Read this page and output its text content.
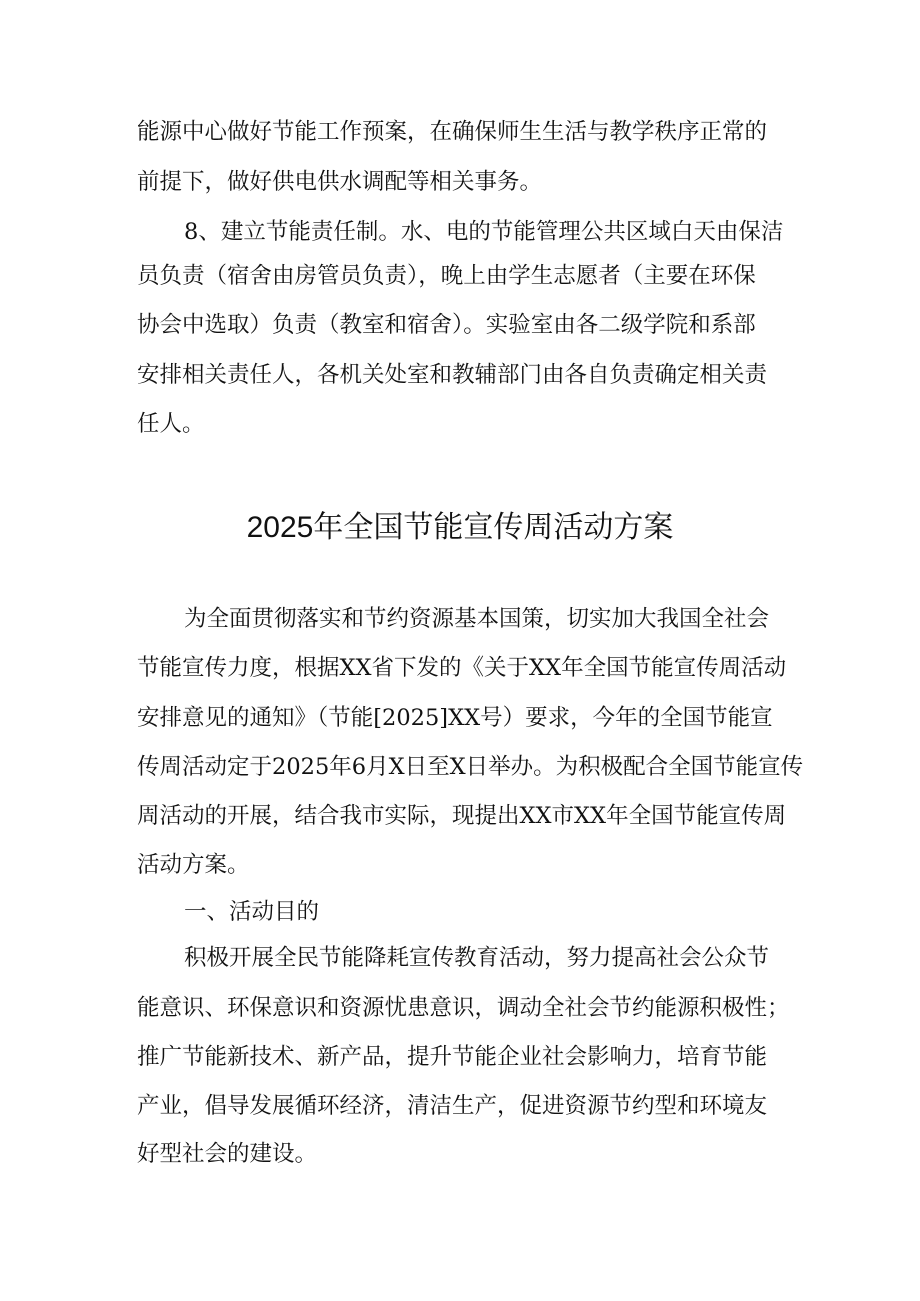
能源中心做好节能工作预案，在确保师生生活与教学秩序正常的
前提下，做好供电供水调配等相关事务。
8、建立节能责任制。水、电的节能管理公共区域白天由保洁
员负责（宿舍由房管员负责），晚上由学生志愿者（主要在环保
协会中选取）负责（教室和宿舍）。实验室由各二级学院和系部
安排相关责任人，各机关处室和教辅部门由各自负责确定相关责
任人。
2025年全国节能宣传周活动方案
为全面贯彻落实和节约资源基本国策，切实加大我国全社会
节能宣传力度，根据XX省下发的《关于XX年全国节能宣传周活动
安排意见的通知》（节能[2025]XX号）要求，今年的全国节能宣
传周活动定于2025年6月X日至X日举办。为积极配合全国节能宣传
周活动的开展，结合我市实际，现提出XX市XX年全国节能宣传周
活动方案。
一、活动目的
积极开展全民节能降耗宣传教育活动，努力提高社会公众节
能意识、环保意识和资源忧患意识，调动全社会节约能源积极性；
推广节能新技术、新产品，提升节能企业社会影响力，培育节能
产业，倡导发展循环经济，清洁生产，促进资源节约型和环境友
好型社会的建设。
